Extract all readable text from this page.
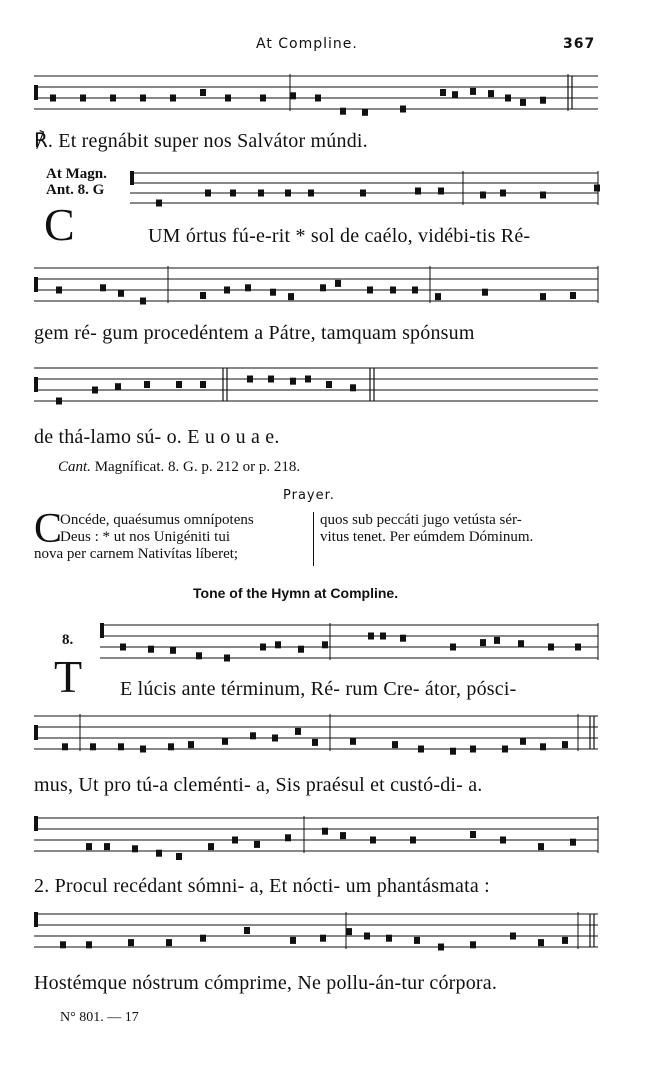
At Compline.	367
℟. Et regnábit super nos Salvátor múndi.
At Magn.
Ant. 8. G
C	UM órtus fú-e-rit * sol de caélo, vidébi-tis Ré-
gem ré- gum procedéntem a Pátre, tamquam spónsum
de thá-lamo sú- o. E u o u a e.
Cant. Magníficat. 8. G. p. 212 or p. 218.
Prayer.
C
Oncéde, quaésumus omnípotens
Deus : * ut nos Unigéniti tui
nova per carnem Nativítas líberet;
quos sub peccáti jugo vetústa sér-
vitus tenet. Per eúmdem Dóminum.
Tone of the Hymn at Compline.
8.
T E lúcis ante términum, Ré- rum Cre- átor, pósci-
mus, Ut pro tú-a cleménti- a, Sis praésul et custó-di- a.
2. Procul recédant sómni- a, Et nócti- um phantásmata :
Hostémque nóstrum cómprime, Ne pollu-án-tur córpora.
N° 801. — 17
